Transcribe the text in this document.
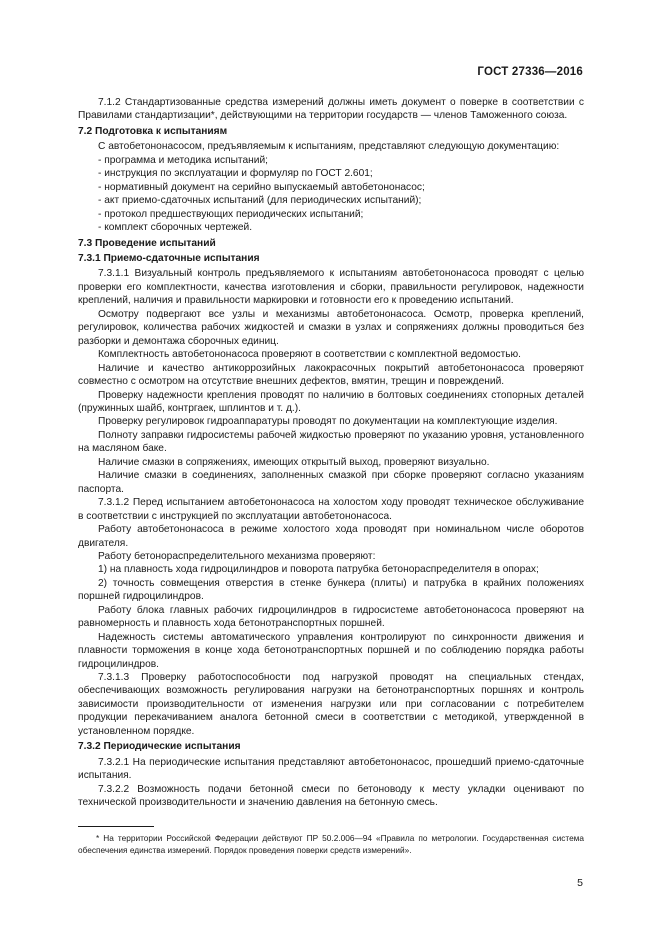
ГОСТ 27336—2016

7.1.2 Стандартизованные средства измерений должны иметь документ о поверке в соответствии с Правилами стандартизации*, действующими на территории государств — членов Таможенного союза.

7.2 Подготовка к испытаниям

С автобетононасосом, предъявляемым к испытаниям, представляют следующую документацию:

- программа и методика испытаний;
- инструкция по эксплуатации и формуляр по ГОСТ 2.601;
- нормативный документ на серийно выпускаемый автобетононасос;
- акт приемо-сдаточных испытаний (для периодических испытаний);
- протокол предшествующих периодических испытаний;
- комплект сборочных чертежей.

7.3 Проведение испытаний

7.3.1 Приемо-сдаточные испытания

7.3.1.1 Визуальный контроль предъявляемого к испытаниям автобетононасоса проводят с целью проверки его комплектности, качества изготовления и сборки, правильности регулировок, надежности креплений, наличия и правильности маркировки и готовности его к проведению испытаний.

Осмотру подвергают все узлы и механизмы автобетононасоса. Осмотр, проверка креплений, регулировок, количества рабочих жидкостей и смазки в узлах и сопряжениях должны проводиться без разборки и демонтажа сборочных единиц.

Комплектность автобетононасоса проверяют в соответствии с комплектной ведомостью.

Наличие и качество антикоррозийных лакокрасочных покрытий автобетононасоса проверяют совместно с осмотром на отсутствие внешних дефектов, вмятин, трещин и повреждений.

Проверку надежности крепления проводят по наличию в болтовых соединениях стопорных деталей (пружинных шайб, контргаек, шплинтов и т. д.).

Проверку регулировок гидроаппаратуры проводят по документации на комплектующие изделия.

Полноту заправки гидросистемы рабочей жидкостью проверяют по указанию уровня, установленного на масляном баке.

Наличие смазки в сопряжениях, имеющих открытый выход, проверяют визуально.

Наличие смазки в соединениях, заполненных смазкой при сборке проверяют согласно указаниям паспорта.

7.3.1.2 Перед испытанием автобетононасоса на холостом ходу проводят техническое обслуживание в соответствии с инструкцией по эксплуатации автобетононасоса.

Работу автобетононасоса в режиме холостого хода проводят при номинальном числе оборотов двигателя.

Работу бетонораспределительного механизма проверяют:

1) на плавность хода гидроцилиндров и поворота патрубка бетонораспределителя в опорах;

2) точность совмещения отверстия в стенке бункера (плиты) и патрубка в крайних положениях поршней гидроцилиндров.

Работу блока главных рабочих гидроцилиндров в гидросистеме автобетононасоса проверяют на равномерность и плавность хода бетонотранспортных поршней.

Надежность системы автоматического управления контролируют по синхронности движения и плавности торможения в конце хода бетонотранспортных поршней и по соблюдению порядка работы гидроцилиндров.

7.3.1.3 Проверку работоспособности под нагрузкой проводят на специальных стендах, обеспечивающих возможность регулирования нагрузки на бетонотранспортных поршнях и контроль зависимости производительности от изменения нагрузки или при согласовании с потребителем продукции перекачиванием аналога бетонной смеси в соответствии с методикой, утвержденной в установленном порядке.

7.3.2 Периодические испытания

7.3.2.1 На периодические испытания представляют автобетононасос, прошедший приемо-сдаточные испытания.

7.3.2.2 Возможность подачи бетонной смеси по бетоноводу к месту укладки оценивают по технической производительности и значению давления на бетонную смесь.

* На территории Российской Федерации действуют ПР 50.2.006—94 «Правила по метрологии. Государственная система обеспечения единства измерений. Порядок проведения поверки средств измерений».
5
